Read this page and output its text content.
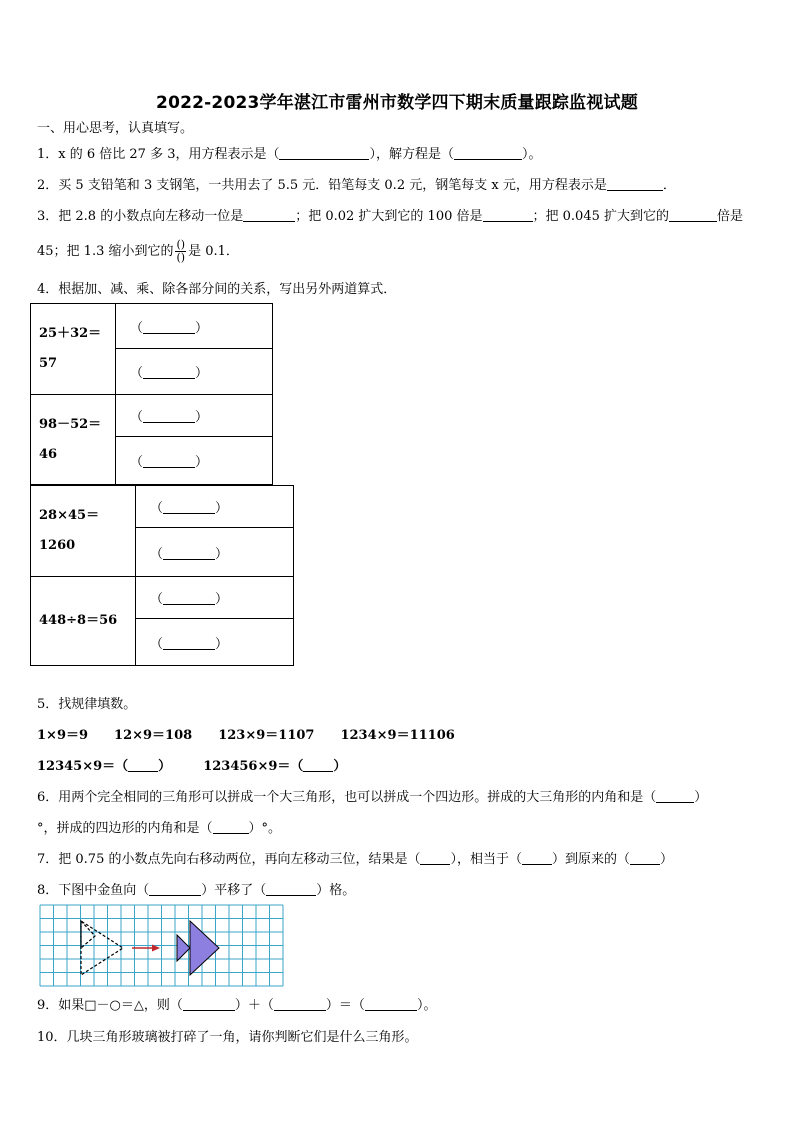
2022-2023学年湛江市雷州市数学四下期末质量跟踪监视试题
一、用心思考，认真填写。
1．x 的 6 倍比 27 多 3，用方程表示是（	），解方程是（	）。
2．买 5 支铅笔和 3 支钢笔，一共用去了 5.5 元．铅笔每支 0.2 元，钢笔每支 x 元，用方程表示是	．
3．把 2.8 的小数点向左移动一位是	；把 0.02 扩大到它的 100 倍是	；把 0.045 扩大到它的	倍是
45；把 1.3 缩小到它的 $\frac{()}{()}$ 是 0.1．
4．根据加、减、乘、除各部分间的关系，写出另外两道算式．
25＋32＝
57	（ ）
	（ ）
98－52＝
46	（ ）
	（ ）
28×45＝1260	（ ）
	（ ）
448÷8＝56	（ ）
	（ ）
5．找规律填数。
1×9＝9 12×9＝108 123×9＝1107 1234×9＝11106
12345×9＝（ ） 123456×9＝（ ）
6．用两个完全相同的三角形可以拼成一个大三角形，也可以拼成一个四边形。拼成的大三角形的内角和是（	）
°，拼成的四边形的内角和是（	）°。
7．把 0.75 的小数点先向右移动两位，再向左移动三位，结果是（ ），相当于（ ）到原来的（ ）
8．下图中金鱼向（	）平移了（	）格。
9．如果□－○＝△，则（	）＋（	）＝（	）。
10．几块三角形玻璃被打碎了一角，请你判断它们是什么三角形。
